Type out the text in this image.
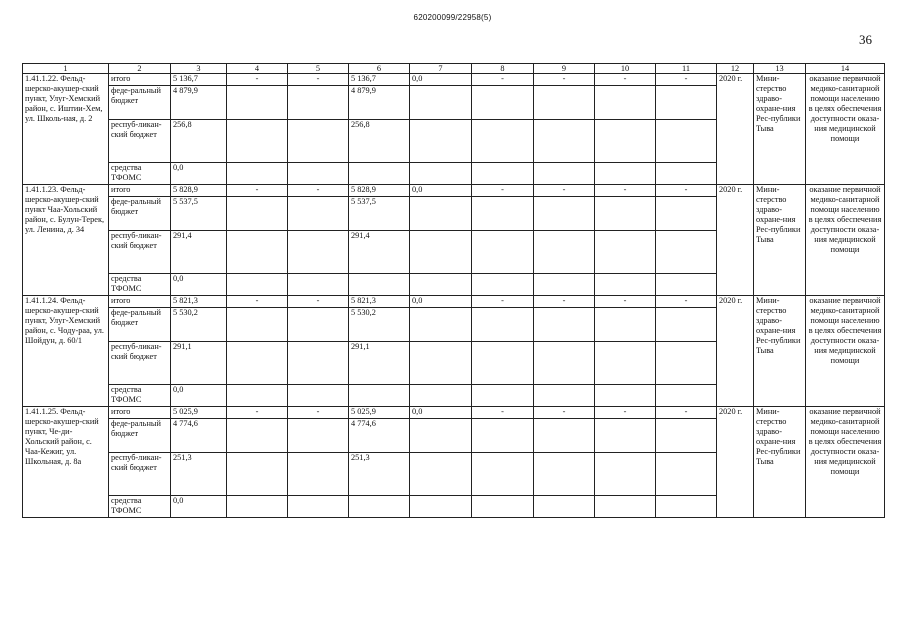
620200099/22958(5)
36
1	2	3	4	5	6	7	8	9	10	11	12	13	14
1.41.1.22. Фельд-шерско-акушер-ский пункт, Улуг-Хемский район, с. Иштии-Хем, ул. Школь-ная, д. 2	итого	5 136,7	-	-	5 136,7	0,0	-	-	-	-	2020 г.	Мини-стерство здраво-охране-ния Рес-публики Тыва	оказание первичной медико-санитарной помощи населению в целях обеспечения доступности оказа-ния медицинской помощи
	феде-ральный бюджет	4 879,9			4 879,9								
	респуб-ликан-ский бюджет	256,8			256,8								
	средства ТФОМС	0,0											
1.41.1.23. Фельд-шерско-акушер-ский пункт Чаа-Хольский район, с. Булун-Терек, ул. Ленина, д. 34	итого	5 828,9	-	-	5 828,9	0,0	-	-	-	-	2020 г.	Мини-стерство здраво-охране-ния Рес-публики Тыва	оказание первичной медико-санитарной помощи населению в целях обеспечения доступности оказа-ния медицинской помощи
	феде-ральный бюджет	5 537,5			5 537,5								
	респуб-ликан-ский бюджет	291,4			291,4								
	средства ТФОМС	0,0											
1.41.1.24. Фельд-шерско-акушер-ский пункт, Улуг-Хемский район, с. Чоду-раа, ул. Шойдун, д. 60/1	итого	5 821,3	-	-	5 821,3	0,0	-	-	-	-	2020 г.	Мини-стерство здраво-охране-ния Рес-публики Тыва	оказание первичной медико-санитарной помощи населению в целях обеспечения доступности оказа-ния медицинской помощи
	феде-ральный бюджет	5 530,2			5 530,2								
	респуб-ликан-ский бюджет	291,1			291,1								
	средства ТФОМС	0,0											
1.41.1.25. Фельд-шерско-акушер-ский пункт, Че-ди-Хольский район, с. Чаа-Кежиг, ул. Школьная, д. 8а	итого	5 025,9	-	-	5 025,9	0,0	-	-	-	-	2020 г.	Мини-стерство здраво-охране-ния Рес-публики Тыва	оказание первичной медико-санитарной помощи населению в целях обеспечения доступности оказа-ния медицинской помощи
	феде-ральный бюджет	4 774,6			4 774,6								
	респуб-ликан-ский бюджет	251,3			251,3								
	средства ТФОМС	0,0											
